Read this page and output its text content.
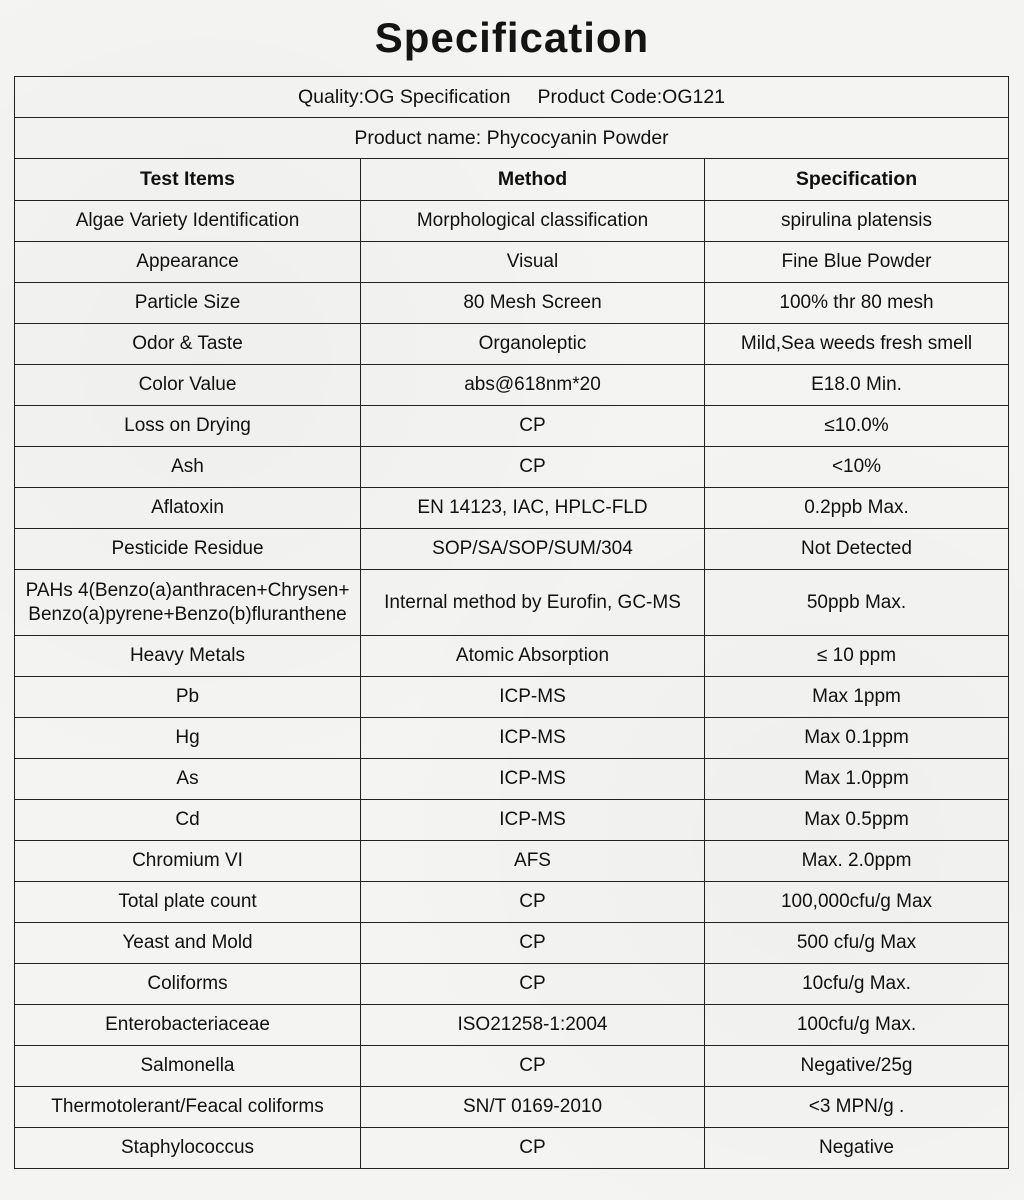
Specification
Quality:OG Specification     Product Code:OG121		
Product name: Phycocyanin Powder		
Test Items	Method	Specification
Algae Variety Identification	Morphological classification	spirulina platensis
Appearance	Visual	Fine Blue Powder
Particle Size	80 Mesh Screen	100% thr 80 mesh
Odor & Taste	Organoleptic	Mild,Sea weeds fresh smell
Color Value	abs@618nm*20	E18.0 Min.
Loss on Drying	CP	≤10.0%
Ash	CP	<10%
Aflatoxin	EN 14123, IAC, HPLC-FLD	0.2ppb Max.
Pesticide Residue	SOP/SA/SOP/SUM/304	Not Detected
PAHs 4(Benzo(a)anthracen+Chrysen+ Benzo(a)pyrene+Benzo(b)fluranthene	Internal method by Eurofin, GC-MS	50ppb Max.
Heavy Metals	Atomic Absorption	≤ 10 ppm
Pb	ICP-MS	Max 1ppm
Hg	ICP-MS	Max 0.1ppm
As	ICP-MS	Max 1.0ppm
Cd	ICP-MS	Max 0.5ppm
Chromium VI	AFS	Max. 2.0ppm
Total plate count	CP	100,000cfu/g Max
Yeast and Mold	CP	500 cfu/g Max
Coliforms	CP	10cfu/g Max.
Enterobacteriaceae	ISO21258-1:2004	100cfu/g Max.
Salmonella	CP	Negative/25g
Thermotolerant/Feacal coliforms	SN/T 0169-2010	<3 MPN/g .
Staphylococcus	CP	Negative
